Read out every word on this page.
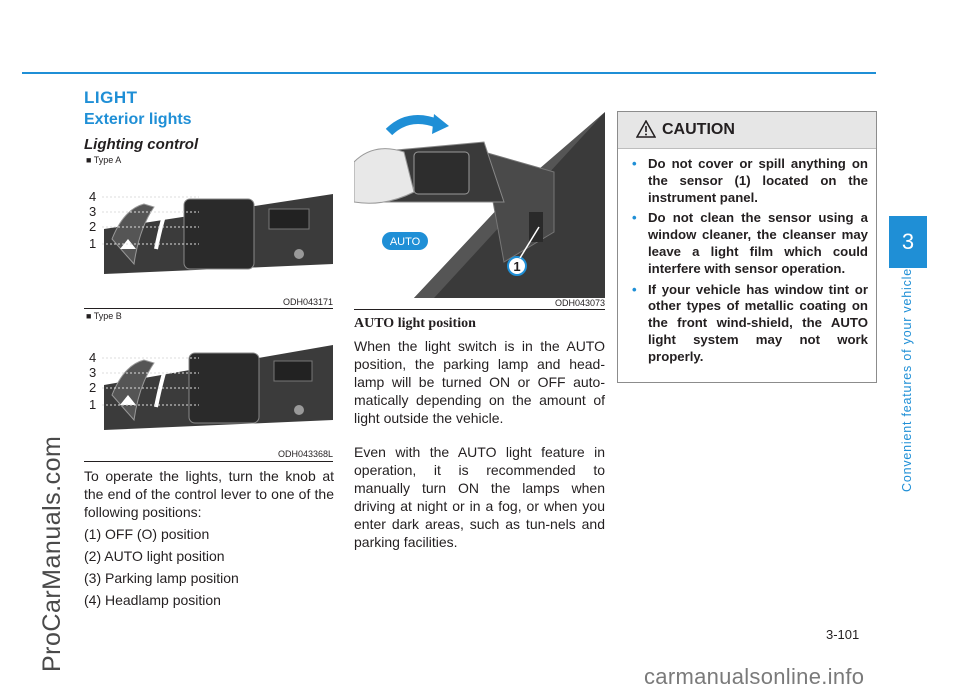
LIGHT
Exterior lights
Lighting control
■ Type A
4
3
2
1
ODH043171
■ Type B
4
3
2
1
ODH043368L
AUTO
1
ODH043073

To operate the lights, turn the knob at the end of the control lever to one of the following positions:

(1) OFF (O) position

(2) AUTO light position

(3) Parking lamp position

(4) Headlamp position

AUTO light position

When the light switch is in the AUTO position, the parking lamp and head-lamp will be turned ON or OFF auto-matically depending on the amount of light outside the vehicle.

Even with the AUTO light feature in operation, it is recommended to manually turn ON the lamps when driving at night or in a fog, or when you enter dark areas, such as tun-nels and parking facilities.

CAUTION
• Do not cover or spill anything on the sensor (1) located on the instrument panel.
• Do not clean the sensor using a window cleaner, the cleanser may leave a light film which could interfere with sensor operation.
• If your vehicle has window tint or other types of metallic coating on the front wind-shield, the AUTO light system may not work properly.
3
Convenient features of your vehicle
ProCarManuals.com	3-101
carmanualsonline.info
